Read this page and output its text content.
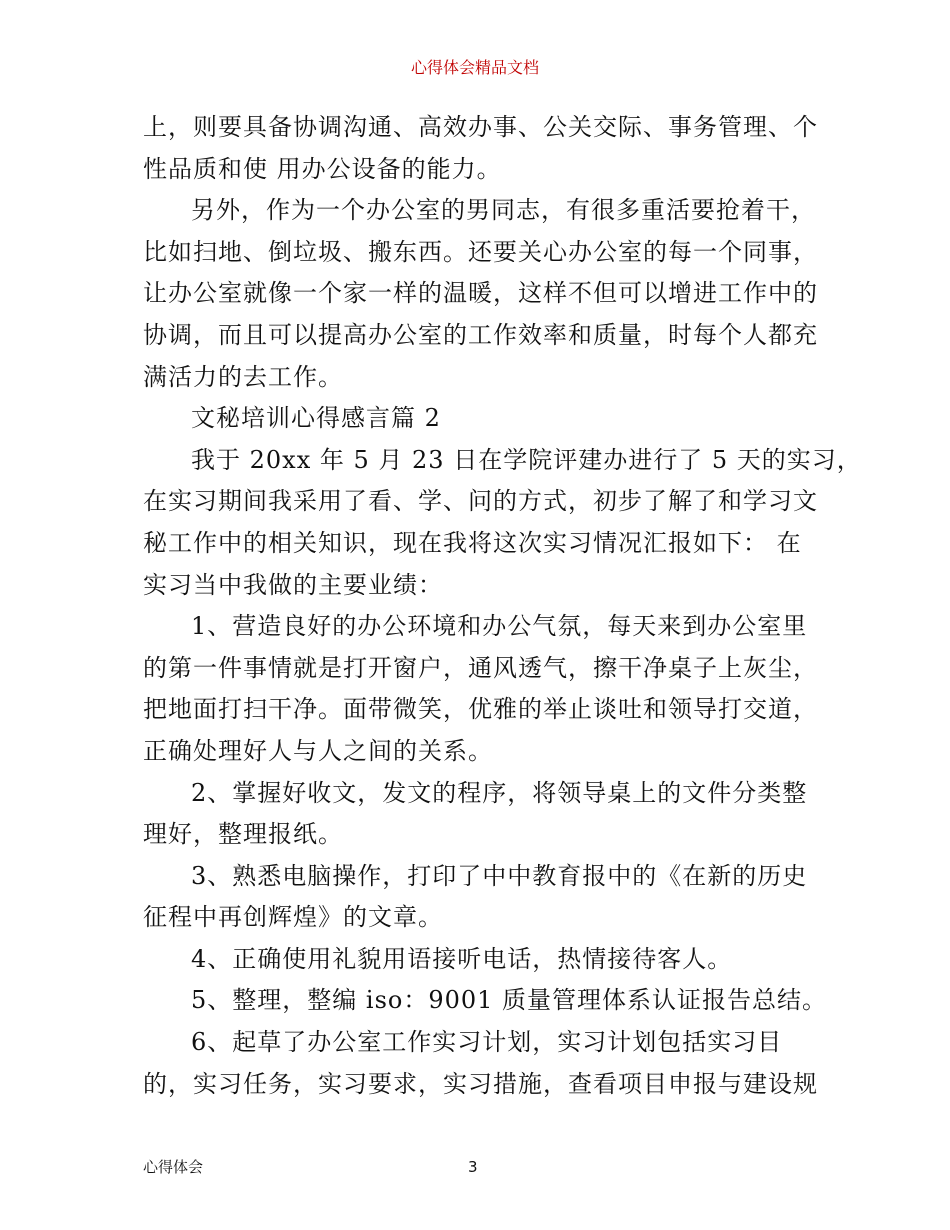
心得体会精品文档
上，则要具备协调沟通、高效办事、公关交际、事务管理、个
性品质和使 用办公设备的能力。
另外，作为一个办公室的男同志，有很多重活要抢着干，
比如扫地、倒垃圾、搬东西。还要关心办公室的每一个同事，
让办公室就像一个家一样的温暖，这样不但可以增进工作中的
协调，而且可以提高办公室的工作效率和质量，时每个人都充
满活力的去工作。
文秘培训心得感言篇 2
我于 20xx 年 5 月 23 日在学院评建办进行了 5 天的实习，
在实习期间我采用了看、学、问的方式，初步了解了和学习文
秘工作中的相关知识，现在我将这次实习情况汇报如下： 在
实习当中我做的主要业绩：
1、营造良好的办公环境和办公气氛，每天来到办公室里
的第一件事情就是打开窗户，通风透气，擦干净桌子上灰尘，
把地面打扫干净。面带微笑，优雅的举止谈吐和领导打交道，
正确处理好人与人之间的关系。
2、掌握好收文，发文的程序，将领导桌上的文件分类整
理好，整理报纸。
3、熟悉电脑操作，打印了中中教育报中的《在新的历史
征程中再创辉煌》的文章。
4、正确使用礼貌用语接听电话，热情接待客人。
5、整理，整编 iso：9001 质量管理体系认证报告总结。
6、起草了办公室工作实习计划，实习计划包括实习目
的，实习任务，实习要求，实习措施，查看项目申报与建设规
心得体会	3
